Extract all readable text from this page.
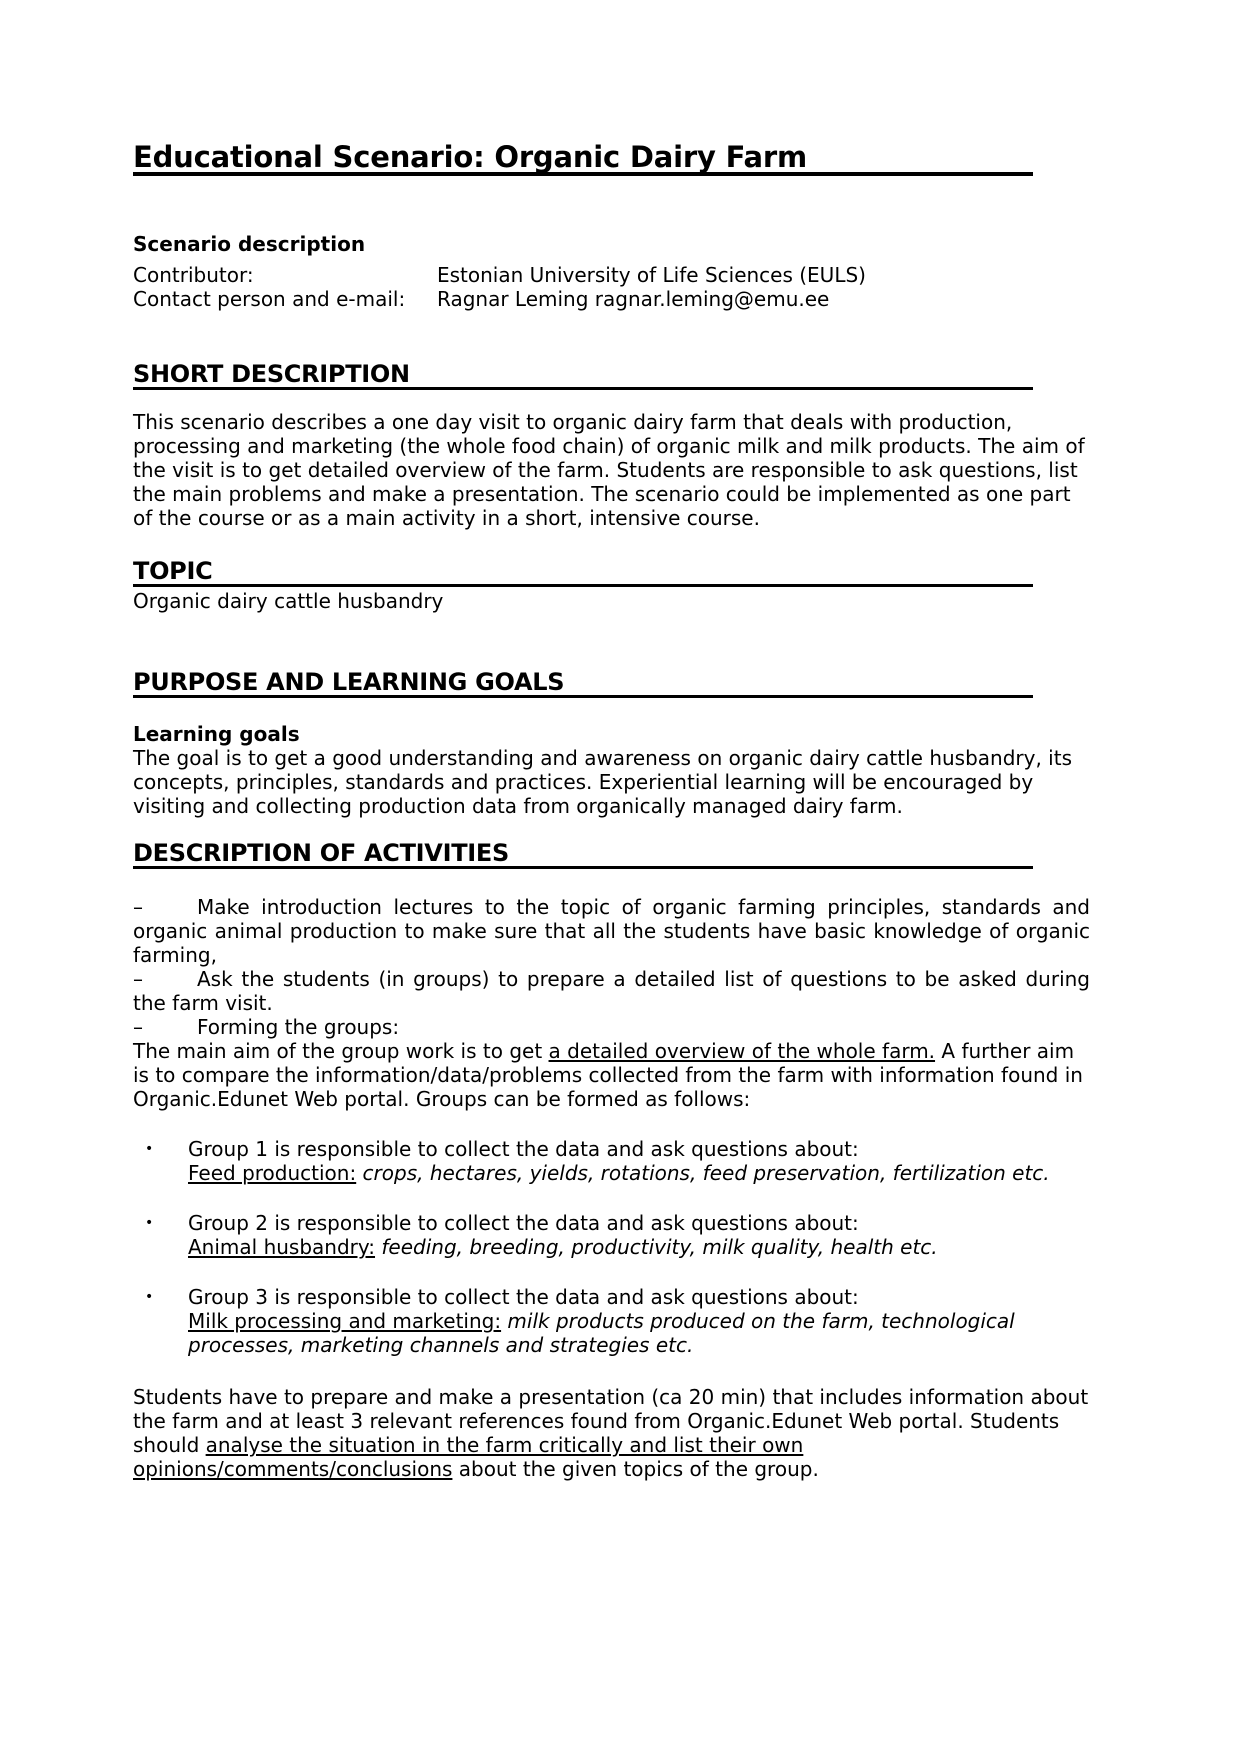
Educational Scenario: Organic Dairy Farm

Scenario description

Contributor:	Estonian University of Life Sciences (EULS)
Contact person and e-mail:	Ragnar Leming ragnar.leming@emu.ee
SHORT DESCRIPTION

This scenario describes a one day visit to organic dairy farm that deals with production, processing and marketing (the whole food chain) of organic milk and milk products. The aim of the visit is to get detailed overview of the farm. Students are responsible to ask questions, list the main problems and make a presentation. The scenario could be implemented as one part of the course or as a main activity in a short, intensive course.

TOPIC

Organic dairy cattle husbandry

PURPOSE AND LEARNING GOALS

Learning goals

The goal is to get a good understanding and awareness on organic dairy cattle husbandry, its concepts, principles, standards and practices. Experiential learning will be encouraged by visiting and collecting production data from organically managed dairy farm.

DESCRIPTION OF ACTIVITIES

–	Make introduction lectures to the topic of organic farming principles, standards and organic animal production to make sure that all the students have basic knowledge of organic farming,

–	Ask the students (in groups) to prepare a detailed list of questions to be asked during the farm visit.

–	Forming the groups:

The main aim of the group work is to get a detailed overview of the whole farm. A further aim is to compare the information/data/problems collected from the farm with information found in Organic.Edunet Web portal. Groups can be formed as follows:

•	Group 1 is responsible to collect the data and ask questions about:

Feed production: crops, hectares, yields, rotations, feed preservation, fertilization etc.

•	Group 2 is responsible to collect the data and ask questions about:

Animal husbandry: feeding, breeding, productivity, milk quality, health etc.

•	Group 3 is responsible to collect the data and ask questions about:

Milk processing and marketing: milk products produced on the farm, technological processes, marketing channels and strategies etc.

Students have to prepare and make a presentation (ca 20 min) that includes information about the farm and at least 3 relevant references found from Organic.Edunet Web portal. Students should analyse the situation in the farm critically and list their own opinions/comments/conclusions about the given topics of the group.
